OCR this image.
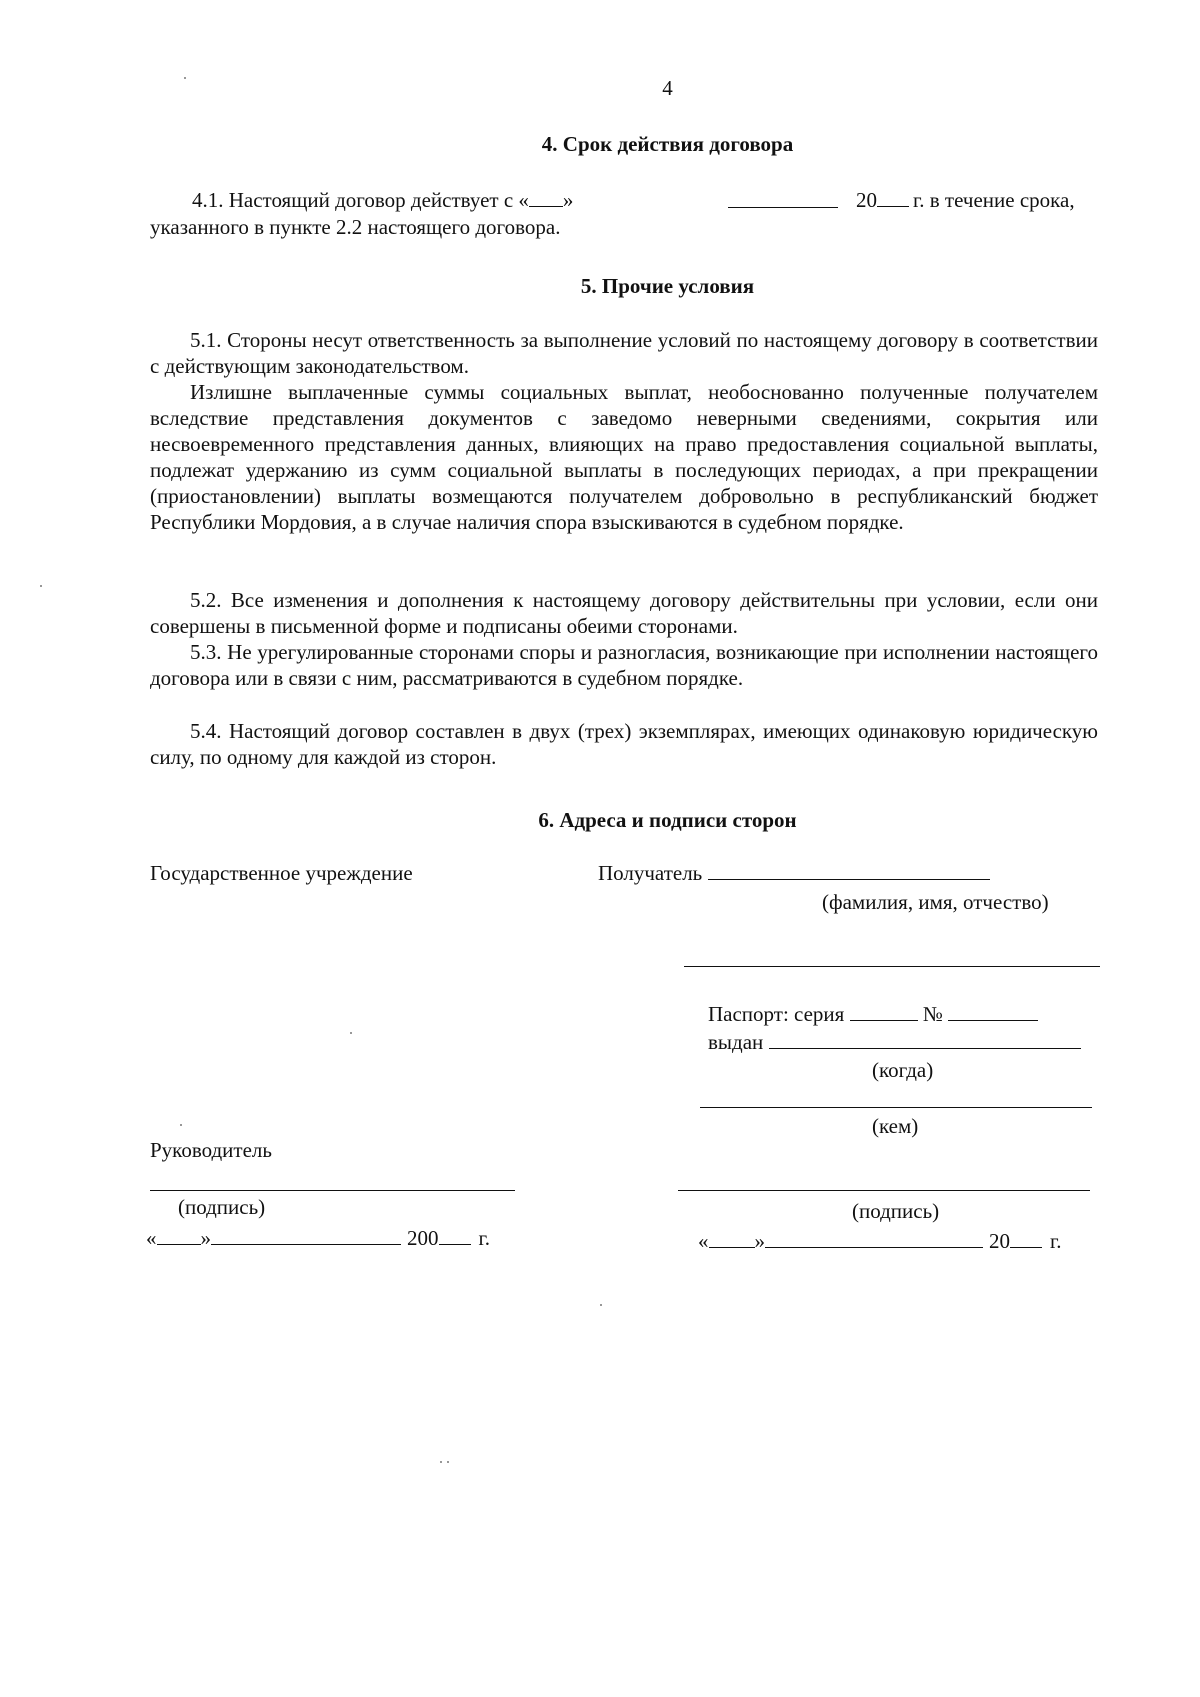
4
4. Срок действия договора
4.1. Настоящий договор действует с « »	20 г. в течение срока,
указанного в пункте 2.2 настоящего договора.
5. Прочие условия

5.1. Стороны несут ответственность за выполнение условий по настоящему договору в соответствии с действующим законодательством.

Излишне выплаченные суммы социальных выплат, необоснованно полученные получателем вследствие представления документов с заведомо неверными сведениями, сокрытия или несвоевременного представления данных, влияющих на право предоставления социальной выплаты, подлежат удержанию из сумм социальной выплаты в последующих периодах, а при прекращении (приостановлении) выплаты возмещаются получателем добровольно в республиканский бюджет Республики Мордовия, а в случае наличия спора взыскиваются в судебном порядке.

5.2. Все изменения и дополнения к настоящему договору действительны при условии, если они совершены в письменной форме и подписаны обеими сторонами.

5.3. Не урегулированные сторонами споры и разногласия, возникающие при исполнении настоящего договора или в связи с ним, рассматриваются в судебном порядке.

5.4. Настоящий договор составлен в двух (трех) экземплярах, имеющих одинаковую юридическую силу, по одному для каждой из сторон.

6. Адреса и подписи сторон
Государственное учреждение
Руководитель
(подпись)
« »	200 г.
Получатель
(фамилия, имя, отчество)
Паспорт: серия	№
выдан
(когда)
(кем)
(подпись)
« »	20 г.
